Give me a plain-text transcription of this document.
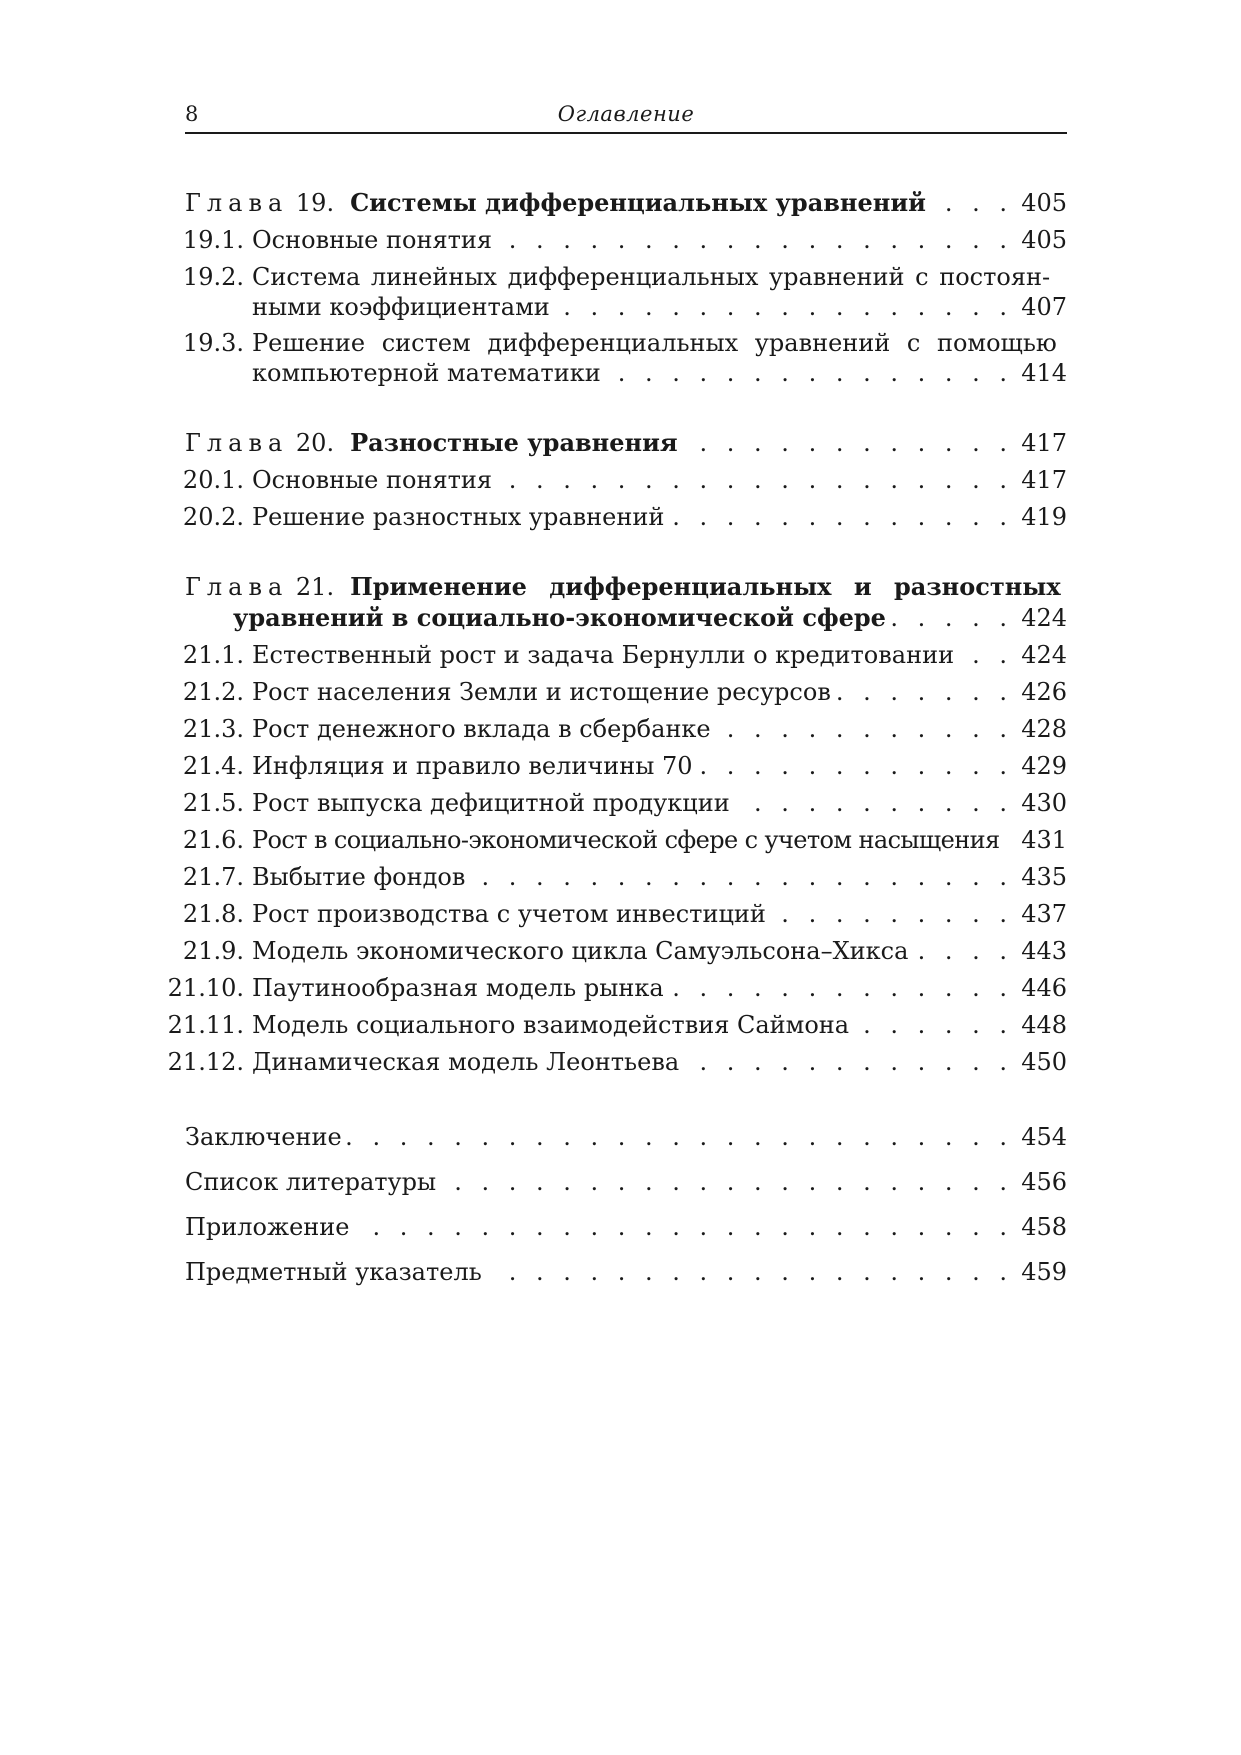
8	Оглавление
Глава 19. Системы дифференциальных уравнений . . .	405
19.1. Основные понятия . . .	405
19.2. Система линейных дифференциальных уравнений с постоян-
ными коэффициентами . . .	407
19.3. Решение систем дифференциальных уравнений с помощью
компьютерной математики . . .	414
Глава 20. Разностные уравнения . . .	417
20.1. Основные понятия . . .	417
20.2. Решение разностных уравнений . . .	419
Глава 21. Применение дифференциальных и разностных
уравнений в социально-экономической сфере . . .	424
21.1. Естественный рост и задача Бернулли о кредитовании . . .	424
21.2. Рост населения Земли и истощение ресурсов . . .	426
21.3. Рост денежного вклада в сбербанке . . .	428
21.4. Инфляция и правило величины 70 . . .	429
21.5. Рост выпуска дефицитной продукции . . .	430
21.6. Рост в социально-экономической сфере с учетом насыщения . . . 431
21.7. Выбытие фондов . . .	435
21.8. Рост производства с учетом инвестиций . . .	437
21.9. Модель экономического цикла Самуэльсона–Хикса . . .	443
21.10. Паутинообразная модель рынка . . .	446
21.11. Модель социального взаимодействия Саймона . . .	448
21.12. Динамическая модель Леонтьева . . .	450
Заключение . . .	454
Список литературы . . .	456
Приложение . . .	458
Предметный указатель . . .	459
